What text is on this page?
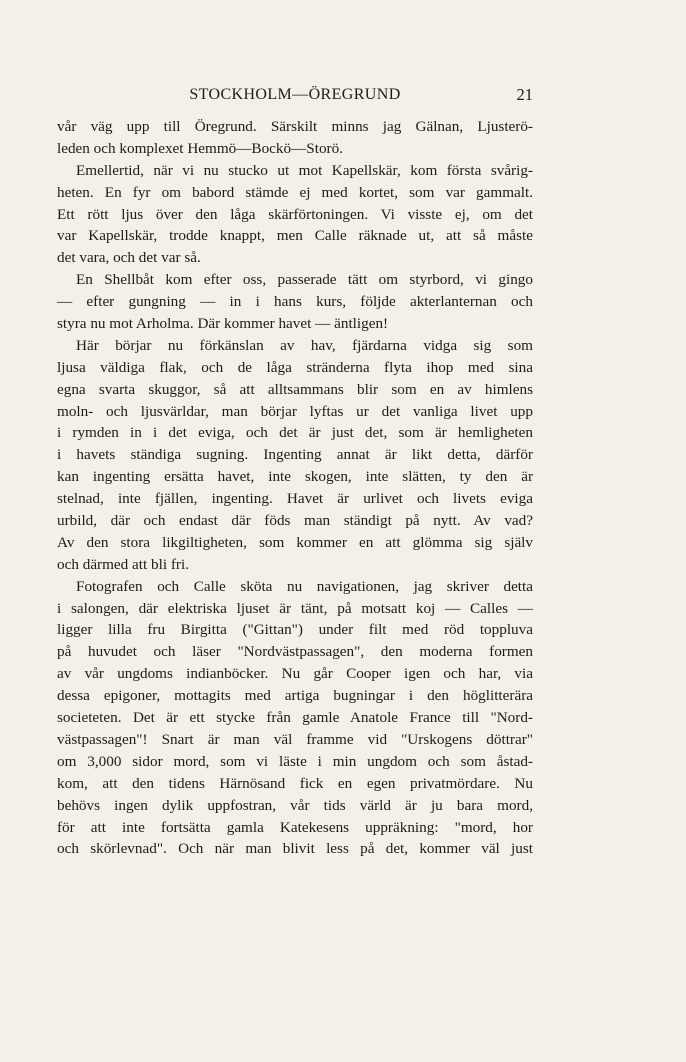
STOCKHOLM—ÖREGRUND	21
vår väg upp till Öregrund. Särskilt minns jag Gälnan, Ljusterö-
leden och komplexet Hemmö—Bockö—Storö.
Emellertid, när vi nu stucko ut mot Kapellskär, kom första svårig-
heten. En fyr om babord stämde ej med kortet, som var gammalt.
Ett rött ljus över den låga skärförtoningen. Vi visste ej, om det
var Kapellskär, trodde knappt, men Calle räknade ut, att så måste
det vara, och det var så.
En Shellbåt kom efter oss, passerade tätt om styrbord, vi gingo
— efter gungning — in i hans kurs, följde akterlanternan och
styra nu mot Arholma. Där kommer havet — äntligen!
Här börjar nu förkänslan av hav, fjärdarna vidga sig som
ljusa väldiga flak, och de låga stränderna flyta ihop med sina
egna svarta skuggor, så att alltsammans blir som en av himlens
moln- och ljusvärldar, man börjar lyftas ur det vanliga livet upp
i rymden in i det eviga, och det är just det, som är hemligheten
i havets ständiga sugning. Ingenting annat är likt detta, därför
kan ingenting ersätta havet, inte skogen, inte slätten, ty den är
stelnad, inte fjällen, ingenting. Havet är urlivet och livets eviga
urbild, där och endast där föds man ständigt på nytt. Av vad?
Av den stora likgiltigheten, som kommer en att glömma sig själv
och därmed att bli fri.
Fotografen och Calle sköta nu navigationen, jag skriver detta
i salongen, där elektriska ljuset är tänt, på motsatt koj — Calles —
ligger lilla fru Birgitta ("Gittan") under filt med röd toppluva
på huvudet och läser "Nordvästpassagen", den moderna formen
av vår ungdoms indianböcker. Nu går Cooper igen och har, via
dessa epigoner, mottagits med artiga bugningar i den höglitterära
societeten. Det är ett stycke från gamle Anatole France till "Nord-
västpassagen"! Snart är man väl framme vid "Urskogens döttrar"
om 3,000 sidor mord, som vi läste i min ungdom och som åstad-
kom, att den tidens Härnösand fick en egen privatmördare. Nu
behövs ingen dylik uppfostran, vår tids värld är ju bara mord,
för att inte fortsätta gamla Katekesens uppräkning: "mord, hor
och skörlevnad". Och när man blivit less på det, kommer väl just
